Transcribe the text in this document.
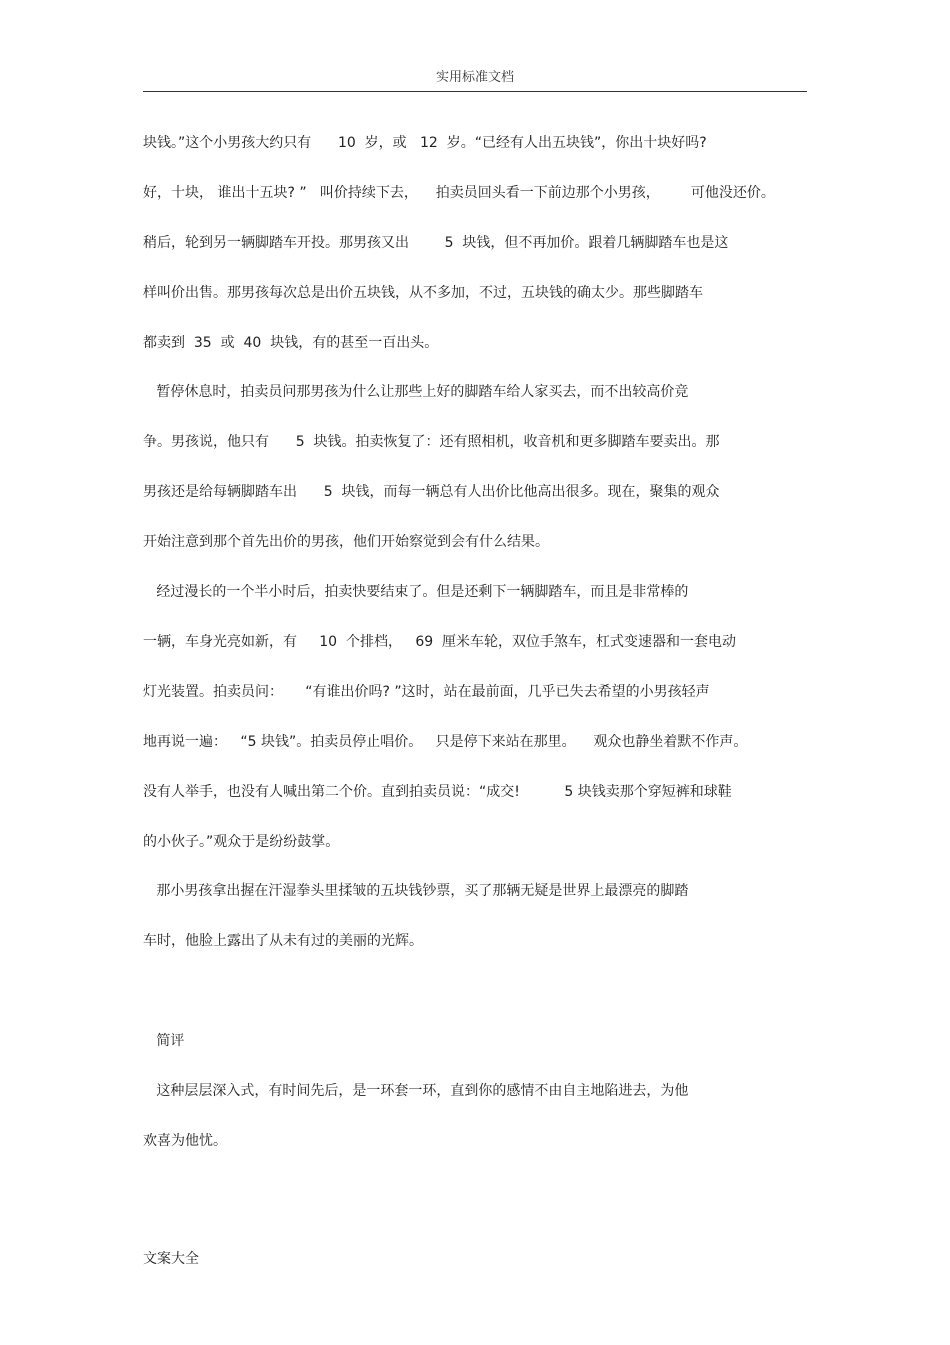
实用标准文档
块钱。”这个小男孩大约只有      10  岁，或   12  岁。“已经有人出五块钱”，你出十块好吗?
好，十块， 谁出十五块? ”   叫价持续下去，    拍卖员回头看一下前边那个小男孩，       可他没还价。
稍后，轮到另一辆脚踏车开投。那男孩又出        5  块钱，但不再加价。跟着几辆脚踏车也是这
样叫价出售。那男孩每次总是出价五块钱，从不多加，不过，五块钱的确太少。那些脚踏车
都卖到  35  或  40  块钱，有的甚至一百出头。
暂停休息时，拍卖员问那男孩为什么让那些上好的脚踏车给人家买去，而不出较高价竞
争。男孩说，他只有      5  块钱。拍卖恢复了：还有照相机，收音机和更多脚踏车要卖出。那
男孩还是给每辆脚踏车出      5  块钱，而每一辆总有人出价比他高出很多。现在，聚集的观众
开始注意到那个首先出价的男孩，他们开始察觉到会有什么结果。
经过漫长的一个半小时后，拍卖快要结束了。但是还剩下一辆脚踏车，而且是非常棒的
一辆，车身光亮如新，有     10  个排档，   69  厘米车轮，双位手煞车，杠式变速器和一套电动
灯光装置。拍卖员问：     “有谁出价吗? ”这时，站在最前面，几乎已失去希望的小男孩轻声
地再说一遍：   “5 块钱”。拍卖员停止唱价。   只是停下来站在那里。    观众也静坐着默不作声。
没有人举手，也没有人喊出第二个价。直到拍卖员说：“成交!          5 块钱卖那个穿短裤和球鞋
的小伙子。”观众于是纷纷鼓掌。
那小男孩拿出握在汗湿拳头里揉皱的五块钱钞票，买了那辆无疑是世界上最漂亮的脚踏
车时，他脸上露出了从未有过的美丽的光辉。
简评
这种层层深入式，有时间先后，是一环套一环，直到你的感情不由自主地陷进去，为他
欢喜为他忧。
文案大全
